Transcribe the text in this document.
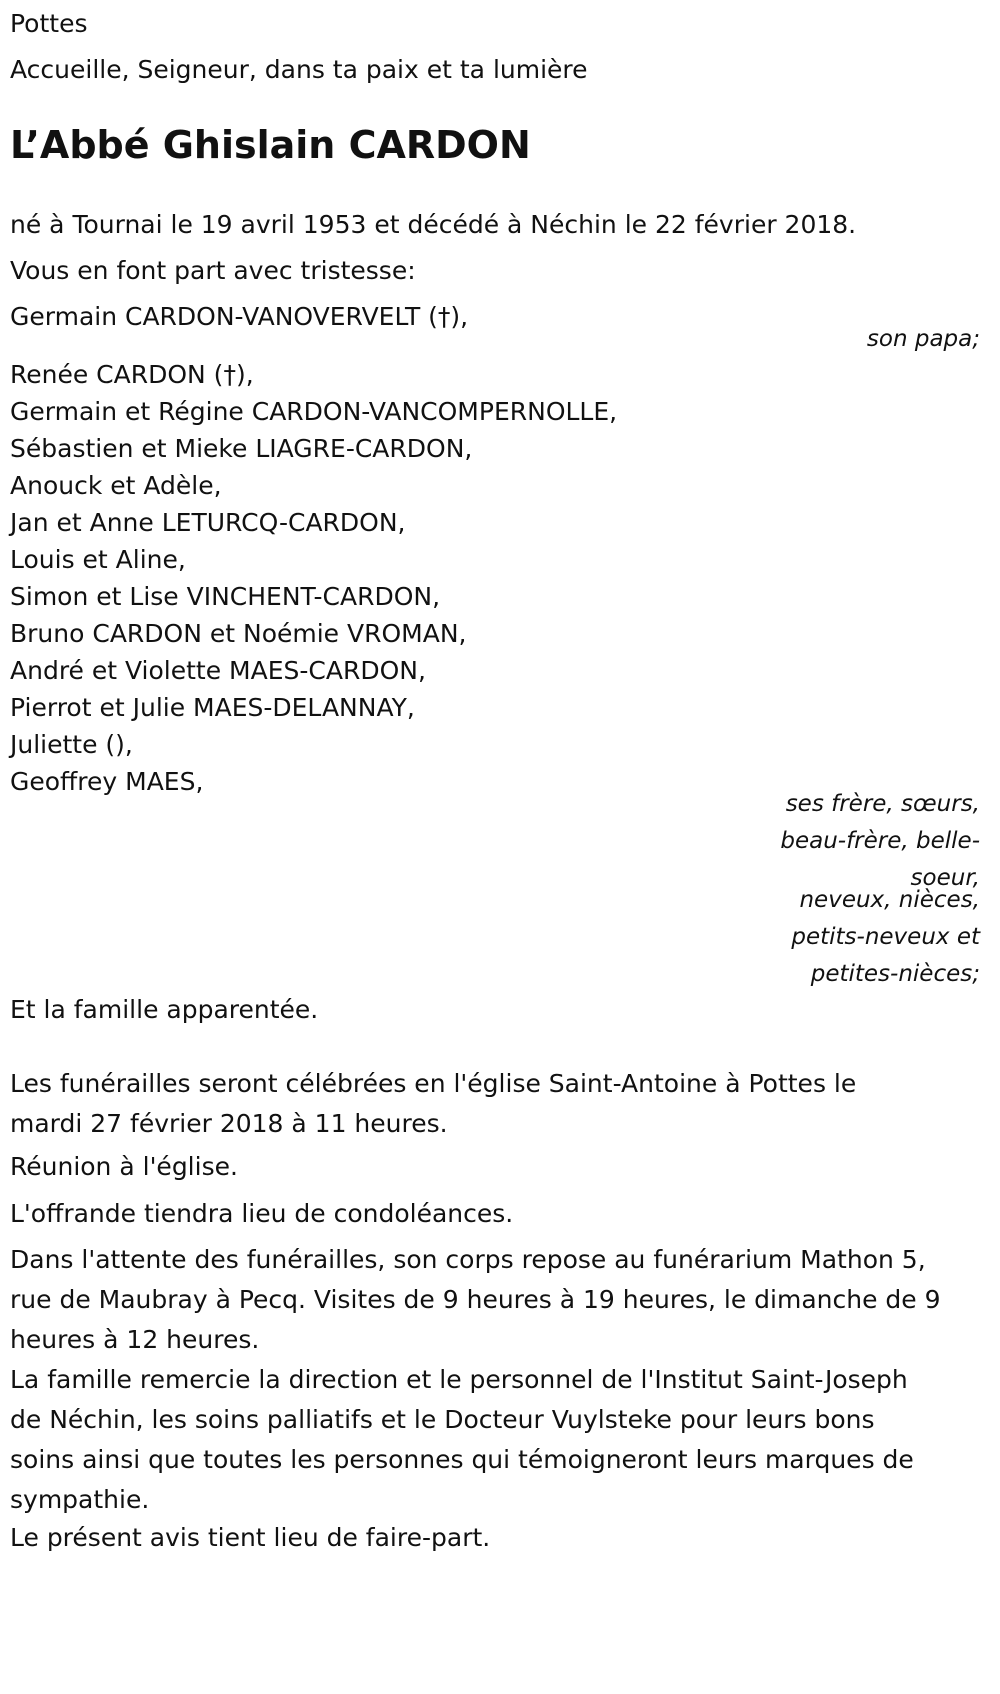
Pottes
Accueille, Seigneur, dans ta paix et ta lumière
L’Abbé Ghislain CARDON
né à Tournai le 19 avril 1953 et décédé à Néchin le 22 février 2018.
Vous en font part avec tristesse:
Germain CARDON-VANOVERVELT (†),
son papa;
Renée CARDON (†),
Germain et Régine CARDON-VANCOMPERNOLLE,
Sébastien et Mieke LIAGRE-CARDON,
Anouck et Adèle,
Jan et Anne LETURCQ-CARDON,
Louis et Aline,
Simon et Lise VINCHENT-CARDON,
Bruno CARDON et Noémie VROMAN,
André et Violette MAES-CARDON,
Pierrot et Julie MAES-DELANNAY,
Juliette (),
Geoffrey MAES,
ses frère, sœurs,
beau-frère, belle-
soeur,
neveux, nièces,
petits-neveux et
petites-nièces;
Et la famille apparentée.
Les funérailles seront célébrées en l'église Saint-Antoine à Pottes le
mardi 27 février 2018 à 11 heures.
Réunion à l'église.
L'offrande tiendra lieu de condoléances.
Dans l'attente des funérailles, son corps repose au funérarium Mathon 5,
rue de Maubray à Pecq. Visites de 9 heures à 19 heures, le dimanche de 9
heures à 12 heures.
La famille remercie la direction et le personnel de l'Institut Saint-Joseph
de Néchin, les soins palliatifs et le Docteur Vuylsteke pour leurs bons
soins ainsi que toutes les personnes qui témoigneront leurs marques de
sympathie.
Le présent avis tient lieu de faire-part.
